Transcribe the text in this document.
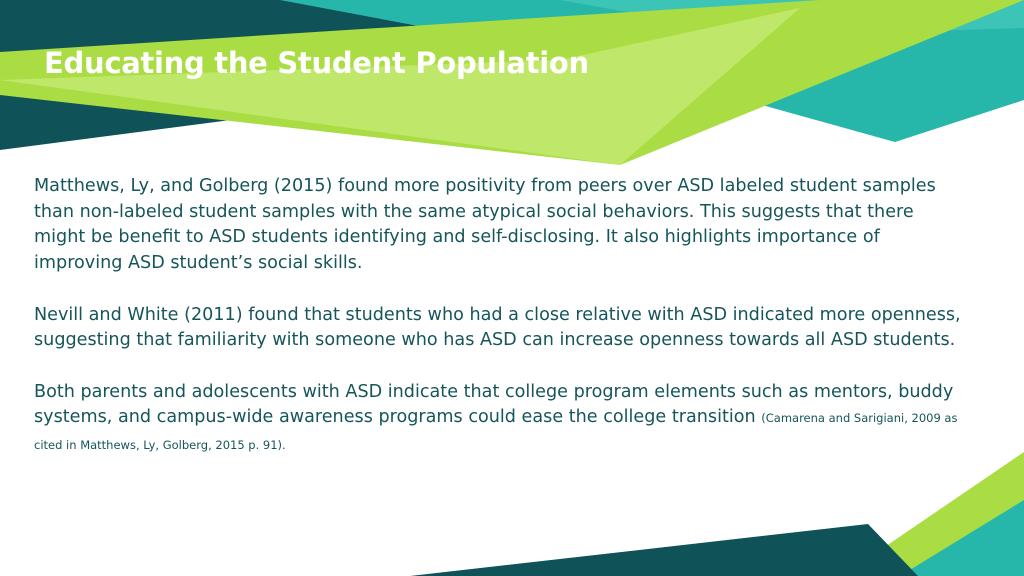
Educating the Student Population

Matthews, Ly, and Golberg (2015) found more positivity from peers over ASD labeled student samples than non-labeled student samples with the same atypical social behaviors. This suggests that there might be benefit to ASD students identifying and self-disclosing. It also highlights importance of improving ASD student’s social skills.

Nevill and White (2011) found that students who had a close relative with ASD indicated more openness, suggesting that familiarity with someone who has ASD can increase openness towards all ASD students.

Both parents and adolescents with ASD indicate that college program elements such as mentors, buddy systems, and campus-wide awareness programs could ease the college transition (Camarena and Sarigiani, 2009 as cited in Matthews, Ly, Golberg, 2015 p. 91).
